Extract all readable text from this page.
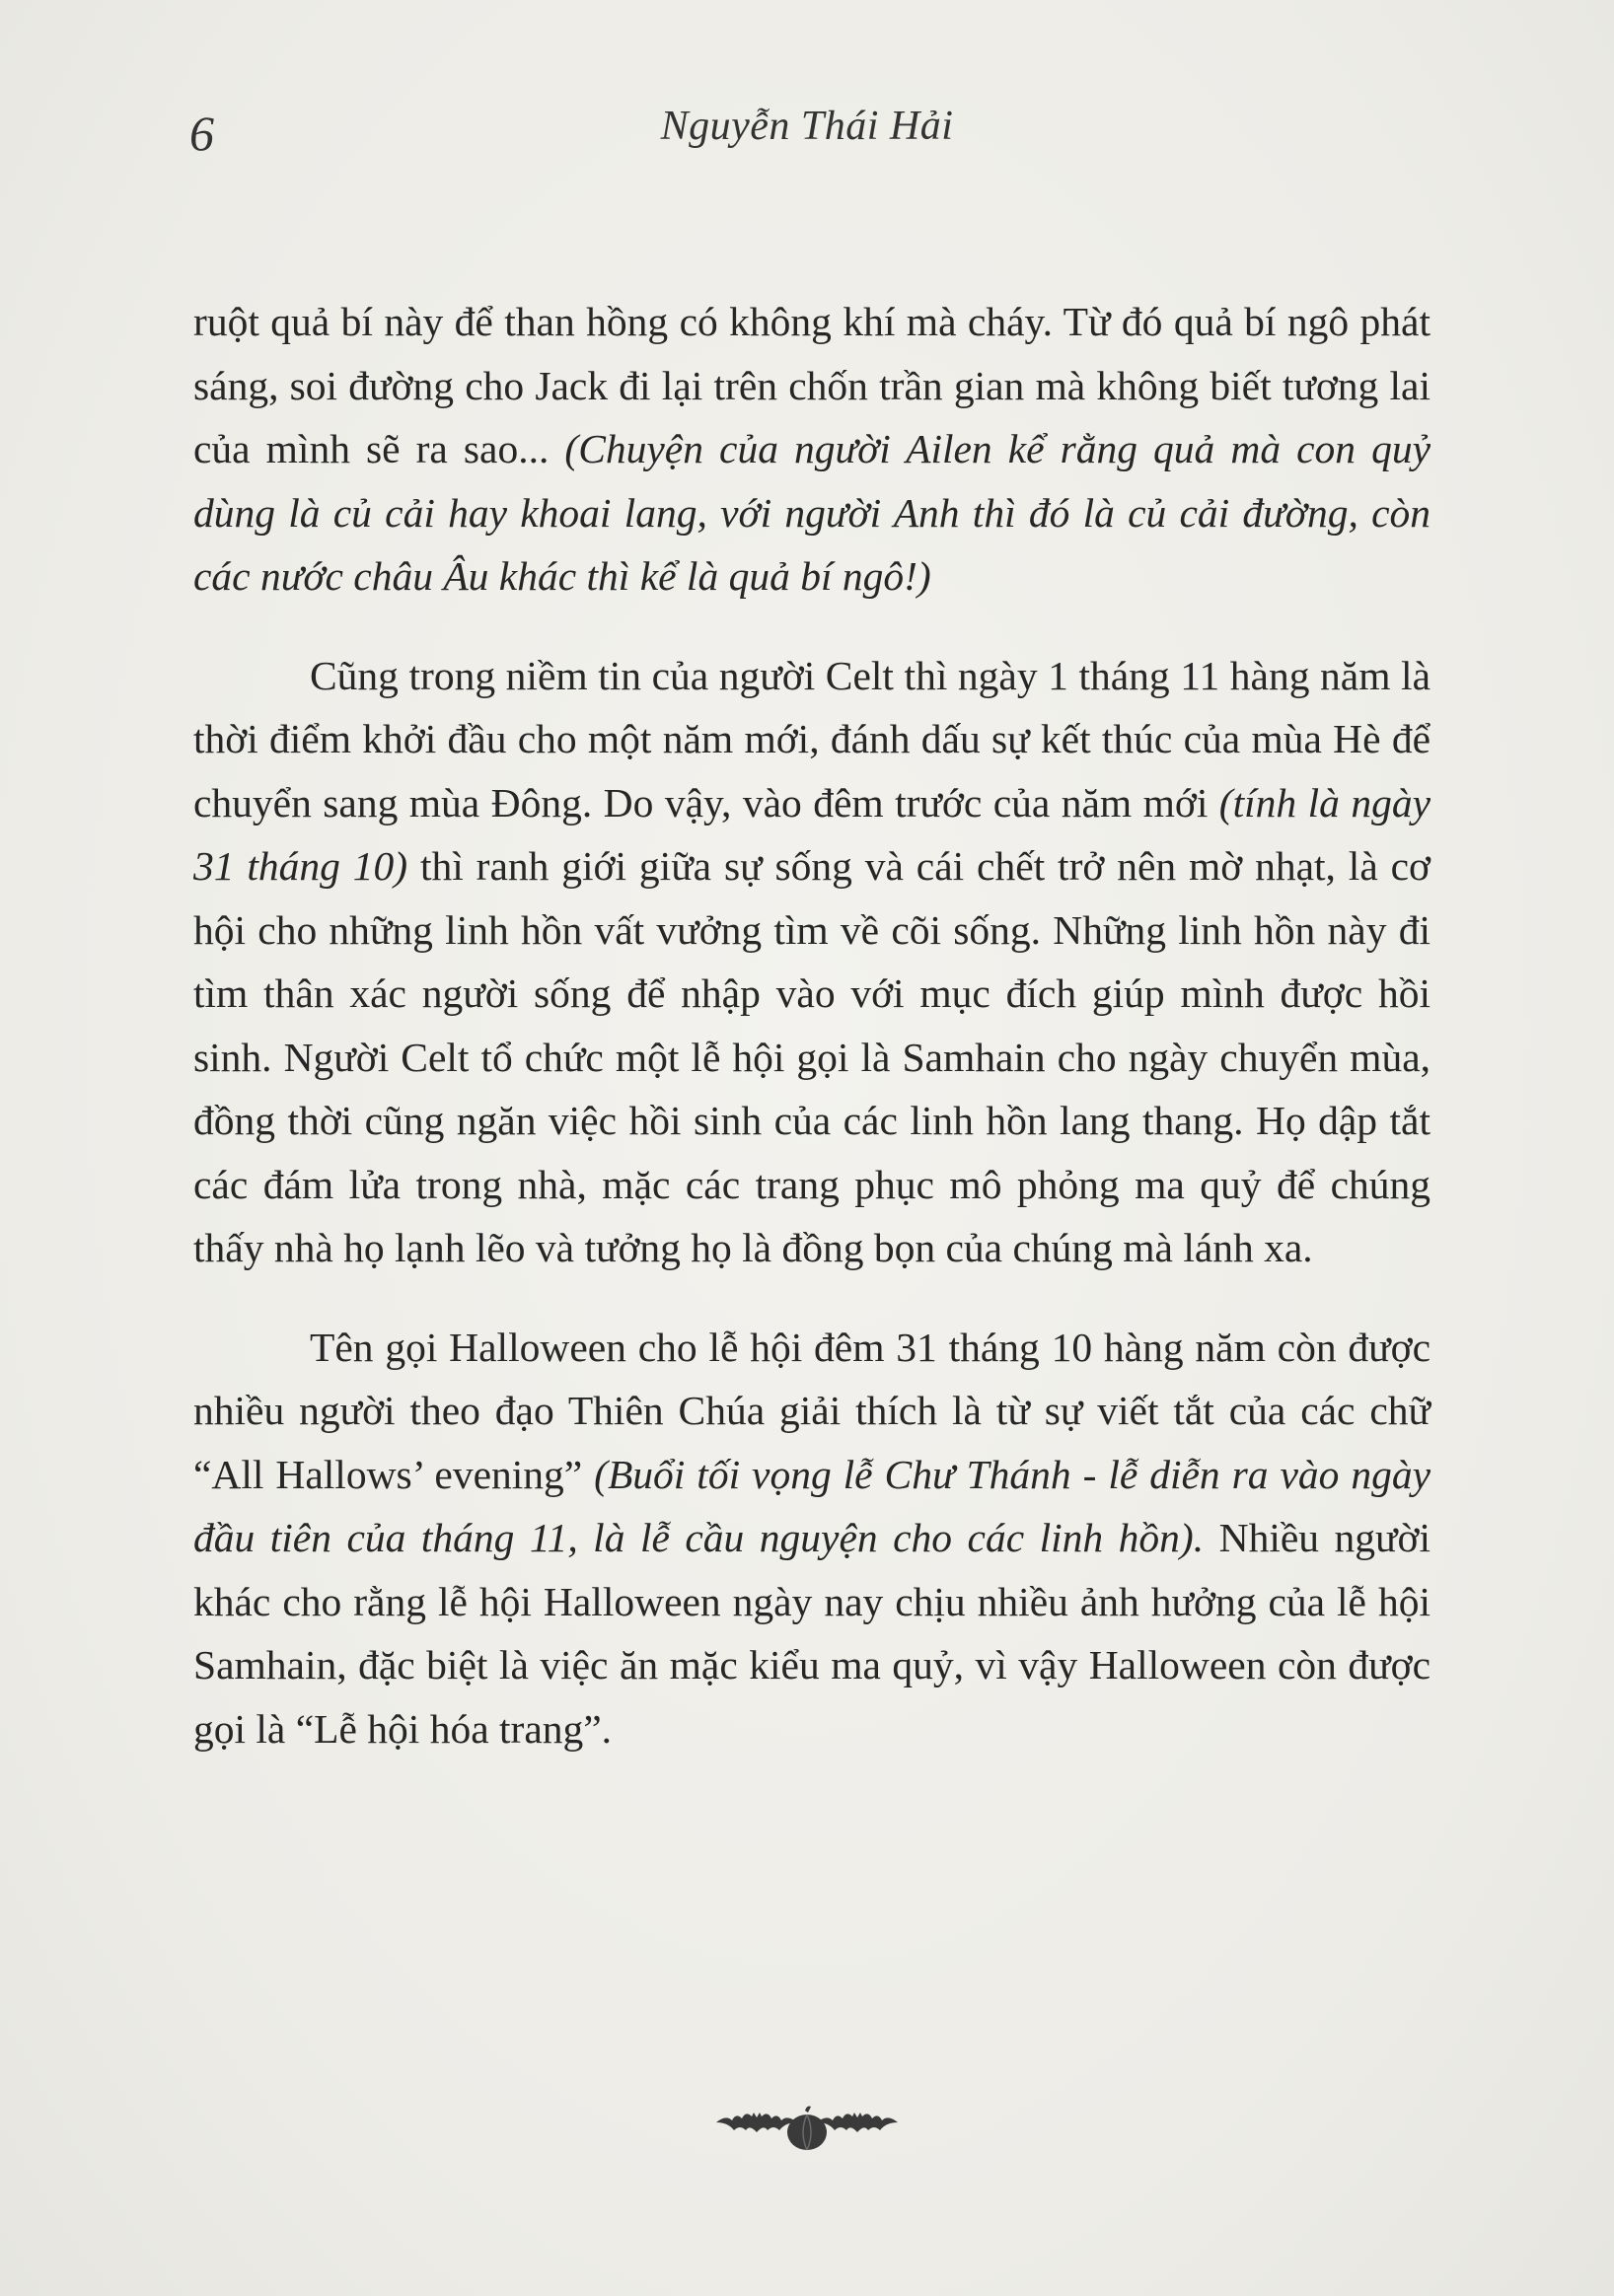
6	Nguyễn Thái Hải

ruột quả bí này để than hồng có không khí mà cháy. Từ đó quả bí ngô phát sáng, soi đường cho Jack đi lại trên chốn trần gian mà không biết tương lai của mình sẽ ra sao... (Chuyện của người Ailen kể rằng quả mà con quỷ dùng là củ cải hay khoai lang, với người Anh thì đó là củ cải đường, còn các nước châu Âu khác thì kể là quả bí ngô!)

Cũng trong niềm tin của người Celt thì ngày 1 tháng 11 hàng năm là thời điểm khởi đầu cho một năm mới, đánh dấu sự kết thúc của mùa Hè để chuyển sang mùa Đông. Do vậy, vào đêm trước của năm mới (tính là ngày 31 tháng 10) thì ranh giới giữa sự sống và cái chết trở nên mờ nhạt, là cơ hội cho những linh hồn vất vưởng tìm về cõi sống. Những linh hồn này đi tìm thân xác người sống để nhập vào với mục đích giúp mình được hồi sinh. Người Celt tổ chức một lễ hội gọi là Samhain cho ngày chuyển mùa, đồng thời cũng ngăn việc hồi sinh của các linh hồn lang thang. Họ dập tắt các đám lửa trong nhà, mặc các trang phục mô phỏng ma quỷ để chúng thấy nhà họ lạnh lẽo và tưởng họ là đồng bọn của chúng mà lánh xa.

Tên gọi Halloween cho lễ hội đêm 31 tháng 10 hàng năm còn được nhiều người theo đạo Thiên Chúa giải thích là từ sự viết tắt của các chữ “All Hallows’ evening” (Buổi tối vọng lễ Chư Thánh - lễ diễn ra vào ngày đầu tiên của tháng 11, là lễ cầu nguyện cho các linh hồn). Nhiều người khác cho rằng lễ hội Halloween ngày nay chịu nhiều ảnh hưởng của lễ hội Samhain, đặc biệt là việc ăn mặc kiểu ma quỷ, vì vậy Halloween còn được gọi là “Lễ hội hóa trang”.
